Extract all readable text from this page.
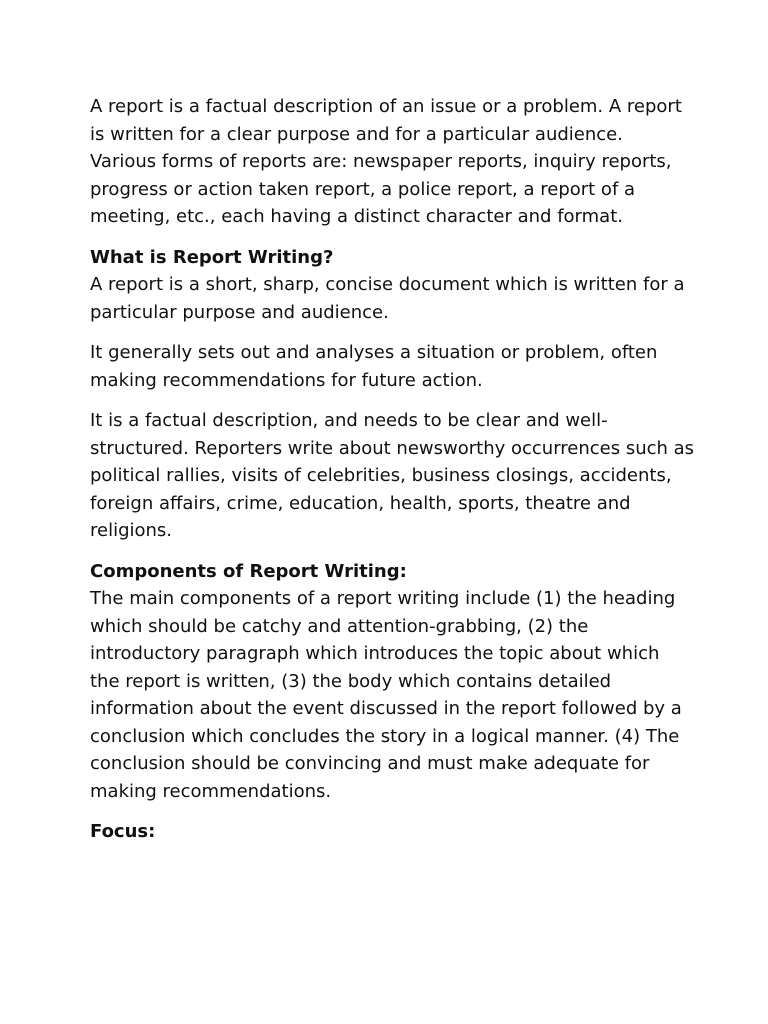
A report is a factual description of an issue or a problem. A report
is written for a clear purpose and for a particular audience.
Various forms of reports are: newspaper reports, inquiry reports,
progress or action taken report, a police report, a report of a
meeting, etc., each having a distinct character and format.

What is Report Writing?

A report is a short, sharp, concise document which is written for a
particular purpose and audience.

It generally sets out and analyses a situation or problem, often
making recommendations for future action.

It is a factual description, and needs to be clear and well-
structured. Reporters write about newsworthy occurrences such as
political rallies, visits of celebrities, business closings, accidents,
foreign affairs, crime, education, health, sports, theatre and
religions.

Components of Report Writing:

The main components of a report writing include (1) the heading
which should be catchy and attention-grabbing, (2) the
introductory paragraph which introduces the topic about which
the report is written, (3) the body which contains detailed
information about the event discussed in the report followed by a
conclusion which concludes the story in a logical manner. (4) The
conclusion should be convincing and must make adequate for
making recommendations.

Focus:
